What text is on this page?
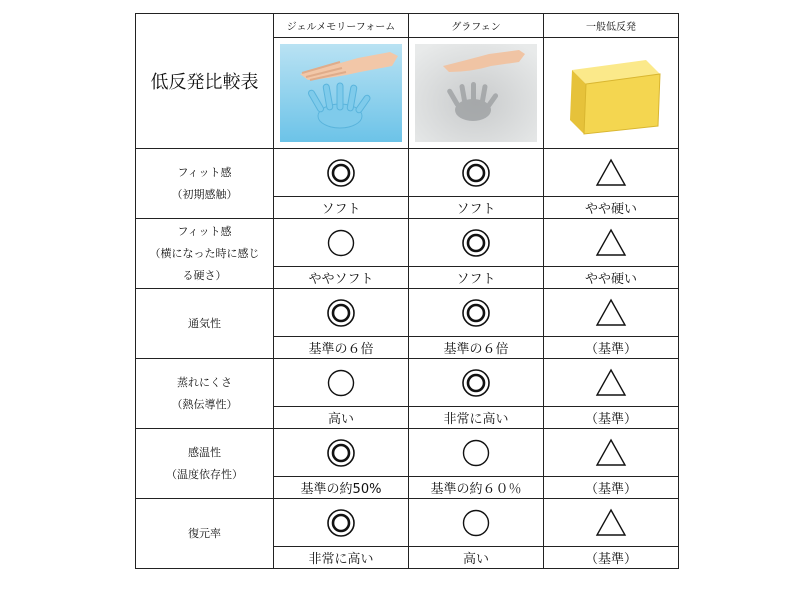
低反発比較表	ジェルメモリーフォーム	グラフェン	一般低反発

フィット感
（初期感触）

	ソフト	ソフト	やや硬い

フィット感
（横になった時に感じ
る硬さ）

	ややソフト	ソフト	やや硬い

通気性

	基準の６倍	基準の６倍	（基準）

蒸れにくさ
（熱伝導性）

	高い	非常に高い	（基準）

感温性
（温度依存性）

	基準の約50%	基準の約６０％	（基準）

復元率

	非常に高い	高い	（基準）
